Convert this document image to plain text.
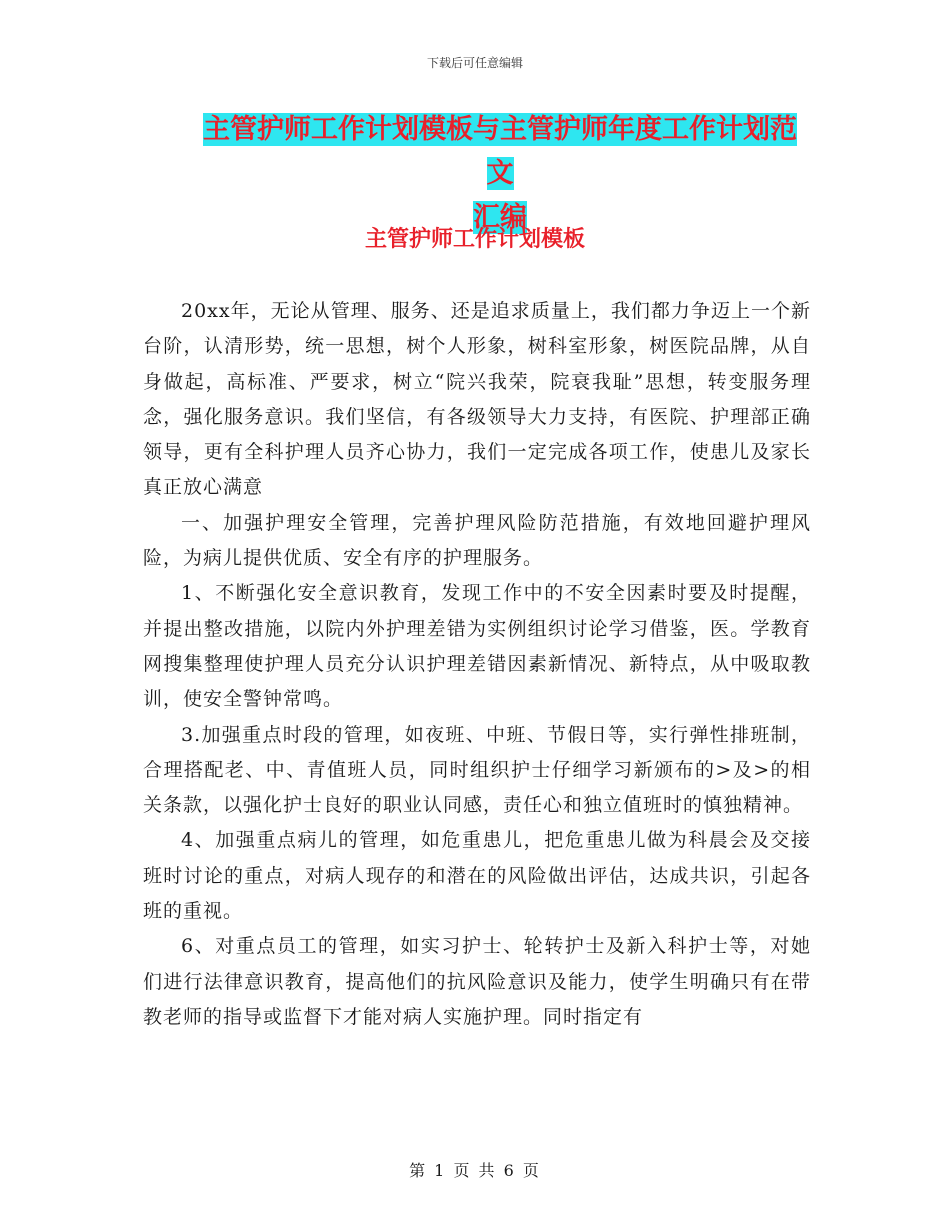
下载后可任意编辑
主管护师工作计划模板与主管护师年度工作计划范文
汇编
主管护师工作计划模板

20xx年，无论从管理、服务、还是追求质量上，我们都力争迈上一个新台阶，认清形势，统一思想，树个人形象，树科室形象，树医院品牌，从自身做起，高标准、严要求，树立“院兴我荣，院衰我耻”思想，转变服务理念，强化服务意识。我们坚信，有各级领导大力支持，有医院、护理部正确领导，更有全科护理人员齐心协力，我们一定完成各项工作，使患儿及家长真正放心满意

一、加强护理安全管理，完善护理风险防范措施，有效地回避护理风险，为病儿提供优质、安全有序的护理服务。

1、不断强化安全意识教育，发现工作中的不安全因素时要及时提醒，并提出整改措施，以院内外护理差错为实例组织讨论学习借鉴，医。学教育网搜集整理使护理人员充分认识护理差错因素新情况、新特点，从中吸取教训，使安全警钟常鸣。

3.加强重点时段的管理，如夜班、中班、节假日等，实行弹性排班制，合理搭配老、中、青值班人员，同时组织护士仔细学习新颁布的>及>的相关条款，以强化护士良好的职业认同感，责任心和独立值班时的慎独精神。

4、加强重点病儿的管理，如危重患儿，把危重患儿做为科晨会及交接班时讨论的重点，对病人现存的和潜在的风险做出评估，达成共识，引起各班的重视。

6、对重点员工的管理，如实习护士、轮转护士及新入科护士等，对她们进行法律意识教育，提高他们的抗风险意识及能力，使学生明确只有在带教老师的指导或监督下才能对病人实施护理。同时指定有

第 1 页 共 6 页
